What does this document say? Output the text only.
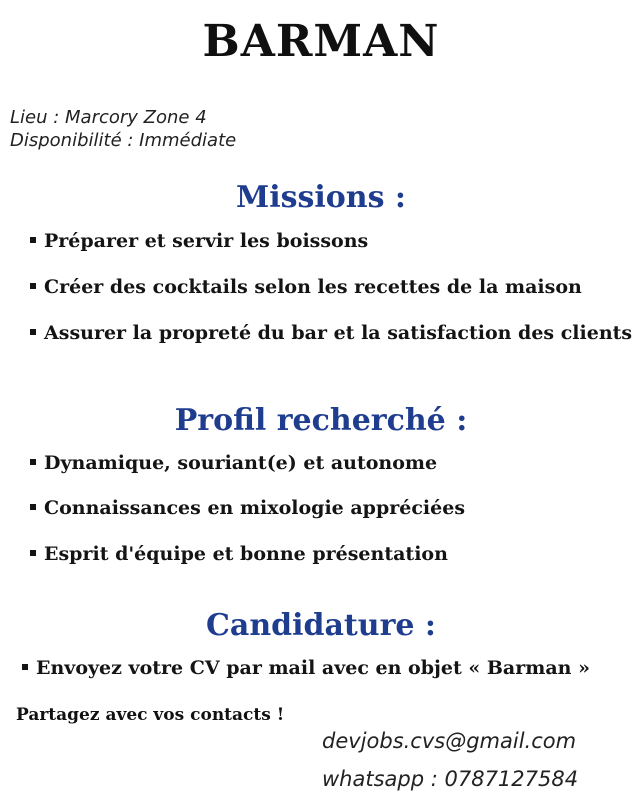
BARMAN
Lieu : Marcory Zone 4
Disponibilité : Immédiate
Missions :
Préparer et servir les boissons
Créer des cocktails selon les recettes de la maison
Assurer la propreté du bar et la satisfaction des clients
Profil recherché :
Dynamique, souriant(e) et autonome
Connaissances en mixologie appréciées
Esprit d'équipe et bonne présentation
Candidature :
Envoyez votre CV par mail avec en objet « Barman »
Partagez avec vos contacts !
devjobs.cvs@gmail.com
whatsapp : 0787127584
